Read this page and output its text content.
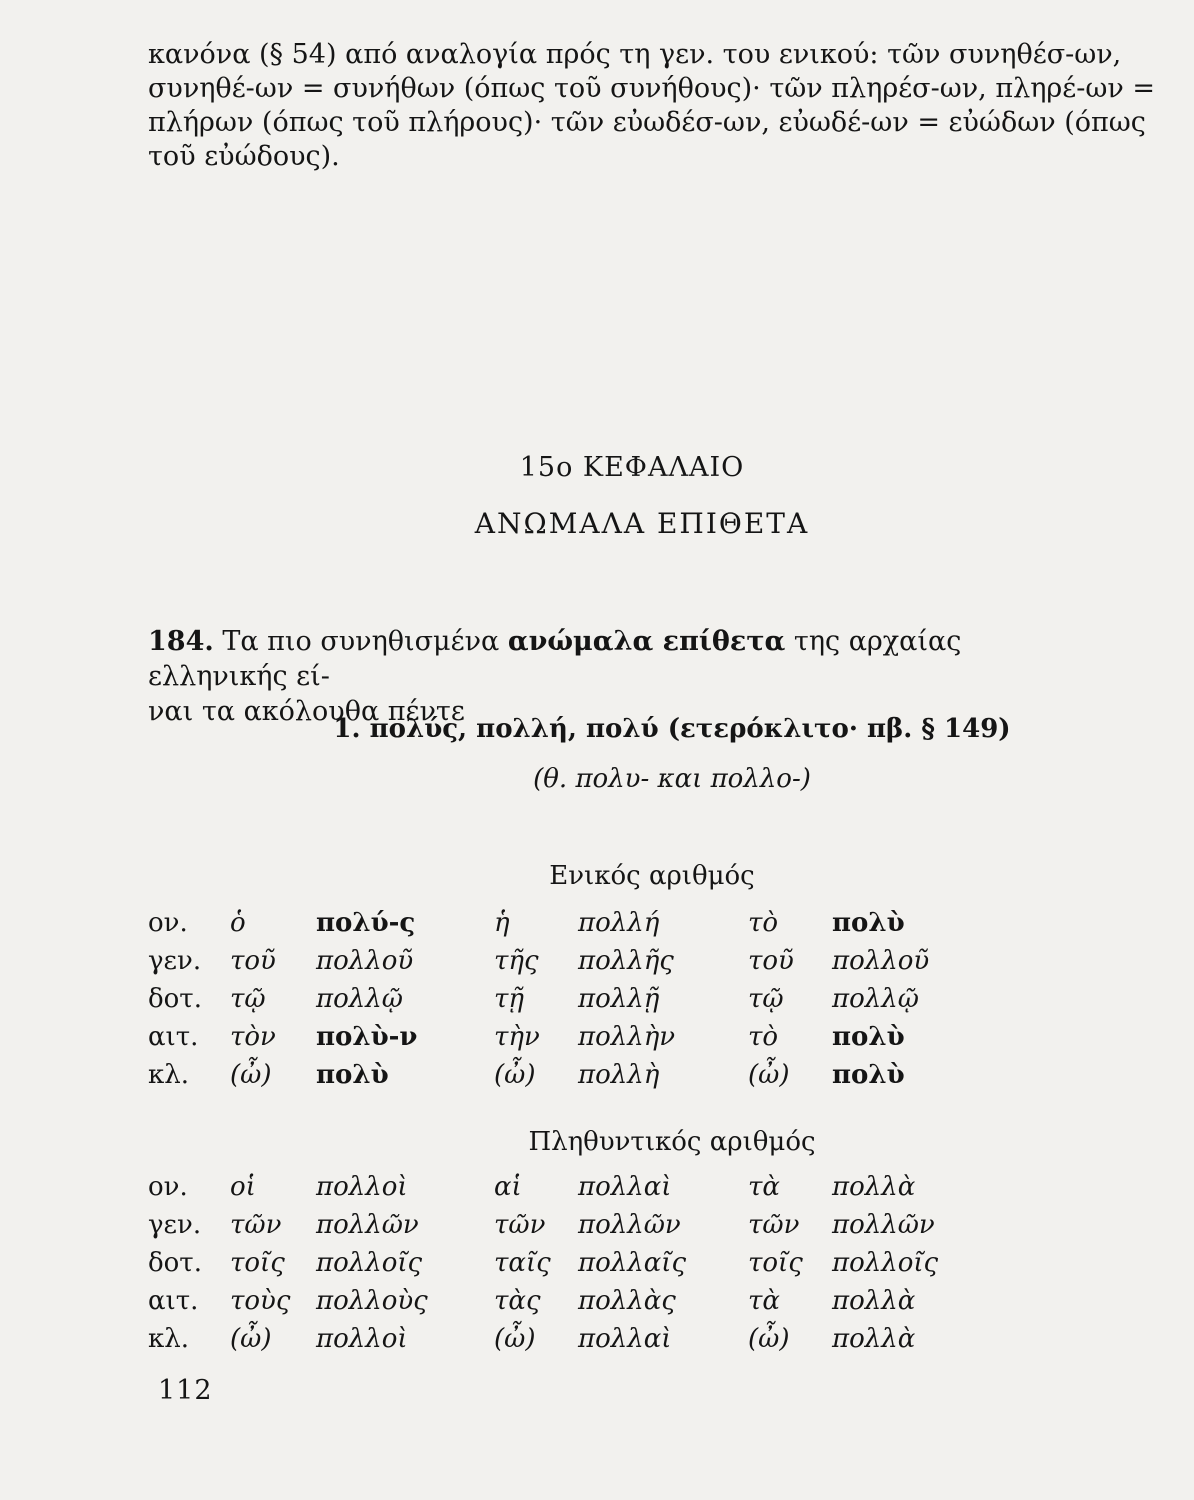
κανόνα (§ 54) από αναλογία πρός τη γεν. του ενικού: τῶν συνηθέσ-ων,
συνηθέ-ων = συνήθων (όπως τοῦ συνήθους)· τῶν πληρέσ-ων, πληρέ-ων =
πλήρων (όπως τοῦ πλήρους)· τῶν εὐωδέσ-ων, εὐωδέ-ων = εὐώδων (όπως
τοῦ εὐώδους).
15ο ΚΕΦΑΛΑΙΟ
ΑΝΩΜΑΛΑ ΕΠΙΘΕΤΑ
184. Τα πιο συνηθισμένα ανώμαλα επίθετα της αρχαίας ελληνικής εί-
ναι τα ακόλουθα πέντε
1. πολύς, πολλή, πολύ (ετερόκλιτο· πβ. § 149)
(θ. πολυ- και πολλο-)
Ενικός αριθμός
ον.	ὁ	πολύ-ς	ἡ	πολλή	τὸ	πολὺ
γεν.	τοῦ	πολλοῦ	τῆς	πολλῆς	τοῦ	πολλοῦ
δοτ.	τῷ	πολλῷ	τῇ	πολλῇ	τῷ	πολλῷ
αιτ.	τὸν	πολὺ-ν	τὴν	πολλὴν	τὸ	πολὺ
κλ.	(ὦ)	πολὺ	(ὦ)	πολλὴ	(ὦ)	πολὺ
Πληθυντικός αριθμός
ον.	οἱ	πολλοὶ	αἱ	πολλαὶ	τὰ	πολλὰ
γεν.	τῶν	πολλῶν	τῶν	πολλῶν	τῶν	πολλῶν
δοτ.	τοῖς	πολλοῖς	ταῖς	πολλαῖς	τοῖς	πολλοῖς
αιτ.	τοὺς	πολλοὺς	τὰς	πολλὰς	τὰ	πολλὰ
κλ.	(ὦ)	πολλοὶ	(ὦ)	πολλαὶ	(ὦ)	πολλὰ
112
